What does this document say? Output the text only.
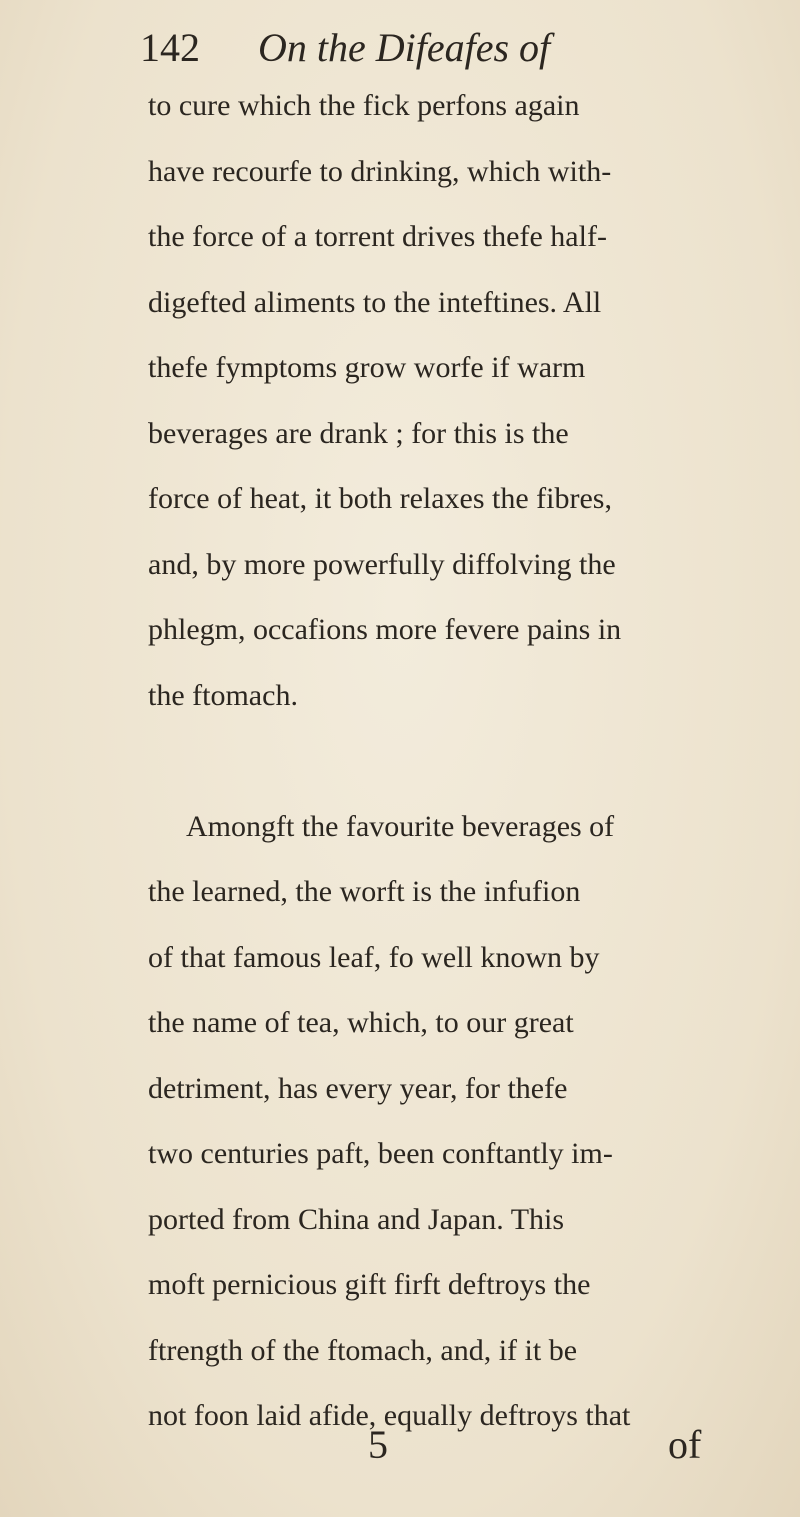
142 On the Difeafes of
to cure which the fick perfons again
have recourfe to drinking, which with-
the force of a torrent drives thefe half-
digefted aliments to the inteftines. All
thefe fymptoms grow worfe if warm
beverages are drank ; for this is the
force of heat, it both relaxes the fibres,
and, by more powerfully diffolving the
phlegm, occafions more fevere pains in
the ftomach.
Amongft the favourite beverages of
the learned, the worft is the infufion
of that famous leaf, fo well known by
the name of tea, which, to our great
detriment, has every year, for thefe
two centuries paft, been conftantly im-
ported from China and Japan. This
moft pernicious gift firft deftroys the
ftrength of the ftomach, and, if it be
not foon laid afide, equally deftroys that
5	of
